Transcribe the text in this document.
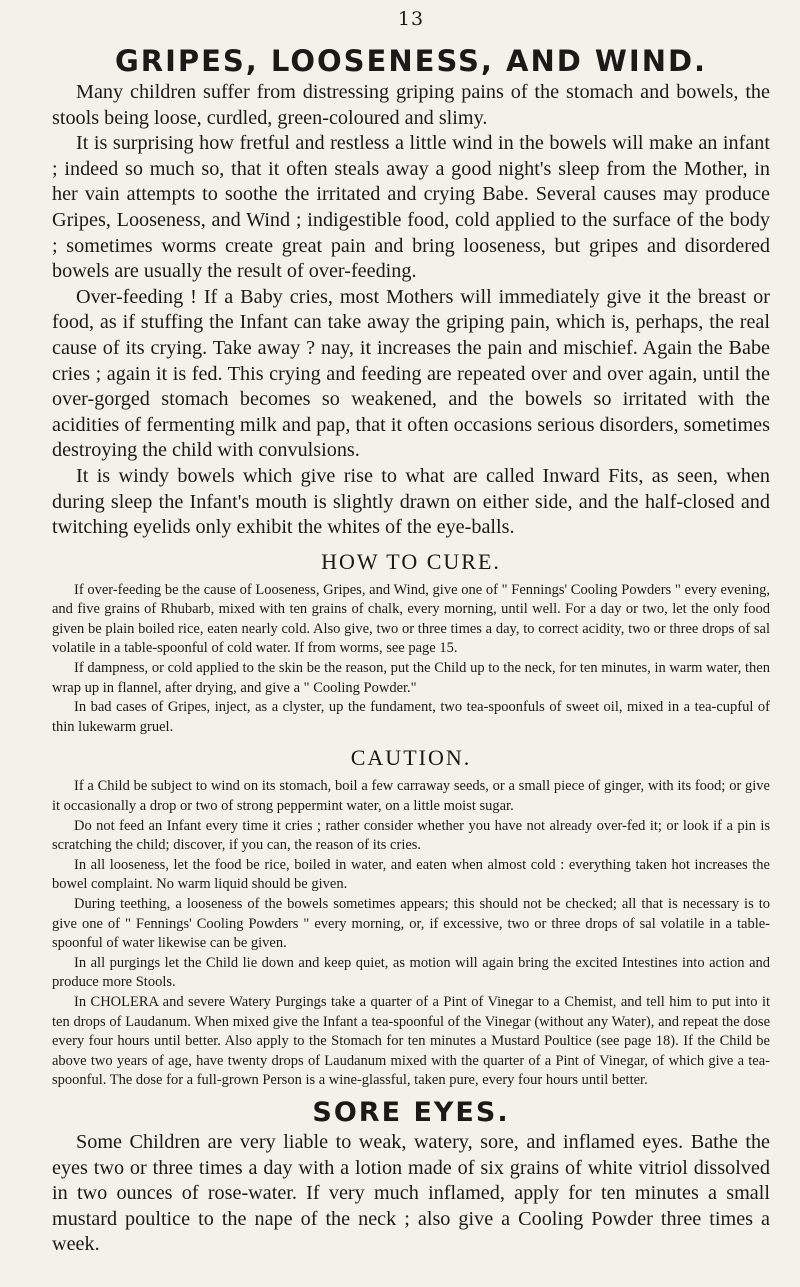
13
GRIPES, LOOSENESS, AND WIND.

Many children suffer from distressing griping pains of the stomach and bowels, the stools being loose, curdled, green-coloured and slimy.

It is surprising how fretful and restless a little wind in the bowels will make an infant ; indeed so much so, that it often steals away a good night's sleep from the Mother, in her vain attempts to soothe the irritated and crying Babe. Several causes may produce Gripes, Looseness, and Wind ; indigestible food, cold applied to the surface of the body ; sometimes worms create great pain and bring looseness, but gripes and disordered bowels are usually the result of over-feeding.

Over-feeding ! If a Baby cries, most Mothers will immediately give it the breast or food, as if stuffing the Infant can take away the griping pain, which is, perhaps, the real cause of its crying. Take away ? nay, it increases the pain and mischief. Again the Babe cries ; again it is fed. This crying and feeding are repeated over and over again, until the over-gorged stomach becomes so weakened, and the bowels so irritated with the acidities of fermenting milk and pap, that it often occasions serious disorders, sometimes destroying the child with convulsions.

It is windy bowels which give rise to what are called Inward Fits, as seen, when during sleep the Infant's mouth is slightly drawn on either side, and the half-closed and twitching eyelids only exhibit the whites of the eye-balls.

HOW TO CURE.

If over-feeding be the cause of Looseness, Gripes, and Wind, give one of " Fennings' Cooling Powders " every evening, and five grains of Rhubarb, mixed with ten grains of chalk, every morning, until well. For a day or two, let the only food given be plain boiled rice, eaten nearly cold. Also give, two or three times a day, to correct acidity, two or three drops of sal volatile in a table-spoonful of cold water. If from worms, see page 15.

If dampness, or cold applied to the skin be the reason, put the Child up to the neck, for ten minutes, in warm water, then wrap up in flannel, after drying, and give a " Cooling Powder."

In bad cases of Gripes, inject, as a clyster, up the fundament, two tea-spoonfuls of sweet oil, mixed in a tea-cupful of thin lukewarm gruel.

CAUTION.

If a Child be subject to wind on its stomach, boil a few carraway seeds, or a small piece of ginger, with its food; or give it occasionally a drop or two of strong peppermint water, on a little moist sugar.

Do not feed an Infant every time it cries ; rather consider whether you have not already over-fed it; or look if a pin is scratching the child; discover, if you can, the reason of its cries.

In all looseness, let the food be rice, boiled in water, and eaten when almost cold : everything taken hot increases the bowel complaint. No warm liquid should be given.

During teething, a looseness of the bowels sometimes appears; this should not be checked; all that is necessary is to give one of " Fennings' Cooling Powders " every morning, or, if excessive, two or three drops of sal volatile in a table-spoonful of water likewise can be given.

In all purgings let the Child lie down and keep quiet, as motion will again bring the excited Intestines into action and produce more Stools.

In CHOLERA and severe Watery Purgings take a quarter of a Pint of Vinegar to a Chemist, and tell him to put into it ten drops of Laudanum. When mixed give the Infant a tea-spoonful of the Vinegar (without any Water), and repeat the dose every four hours until better. Also apply to the Stomach for ten minutes a Mustard Poultice (see page 18). If the Child be above two years of age, have twenty drops of Laudanum mixed with the quarter of a Pint of Vinegar, of which give a tea-spoonful. The dose for a full-grown Person is a wine-glassful, taken pure, every four hours until better.

SORE EYES.

Some Children are very liable to weak, watery, sore, and inflamed eyes. Bathe the eyes two or three times a day with a lotion made of six grains of white vitriol dissolved in two ounces of rose-water. If very much inflamed, apply for ten minutes a small mustard poultice to the nape of the neck ; also give a Cooling Powder three times a week.
